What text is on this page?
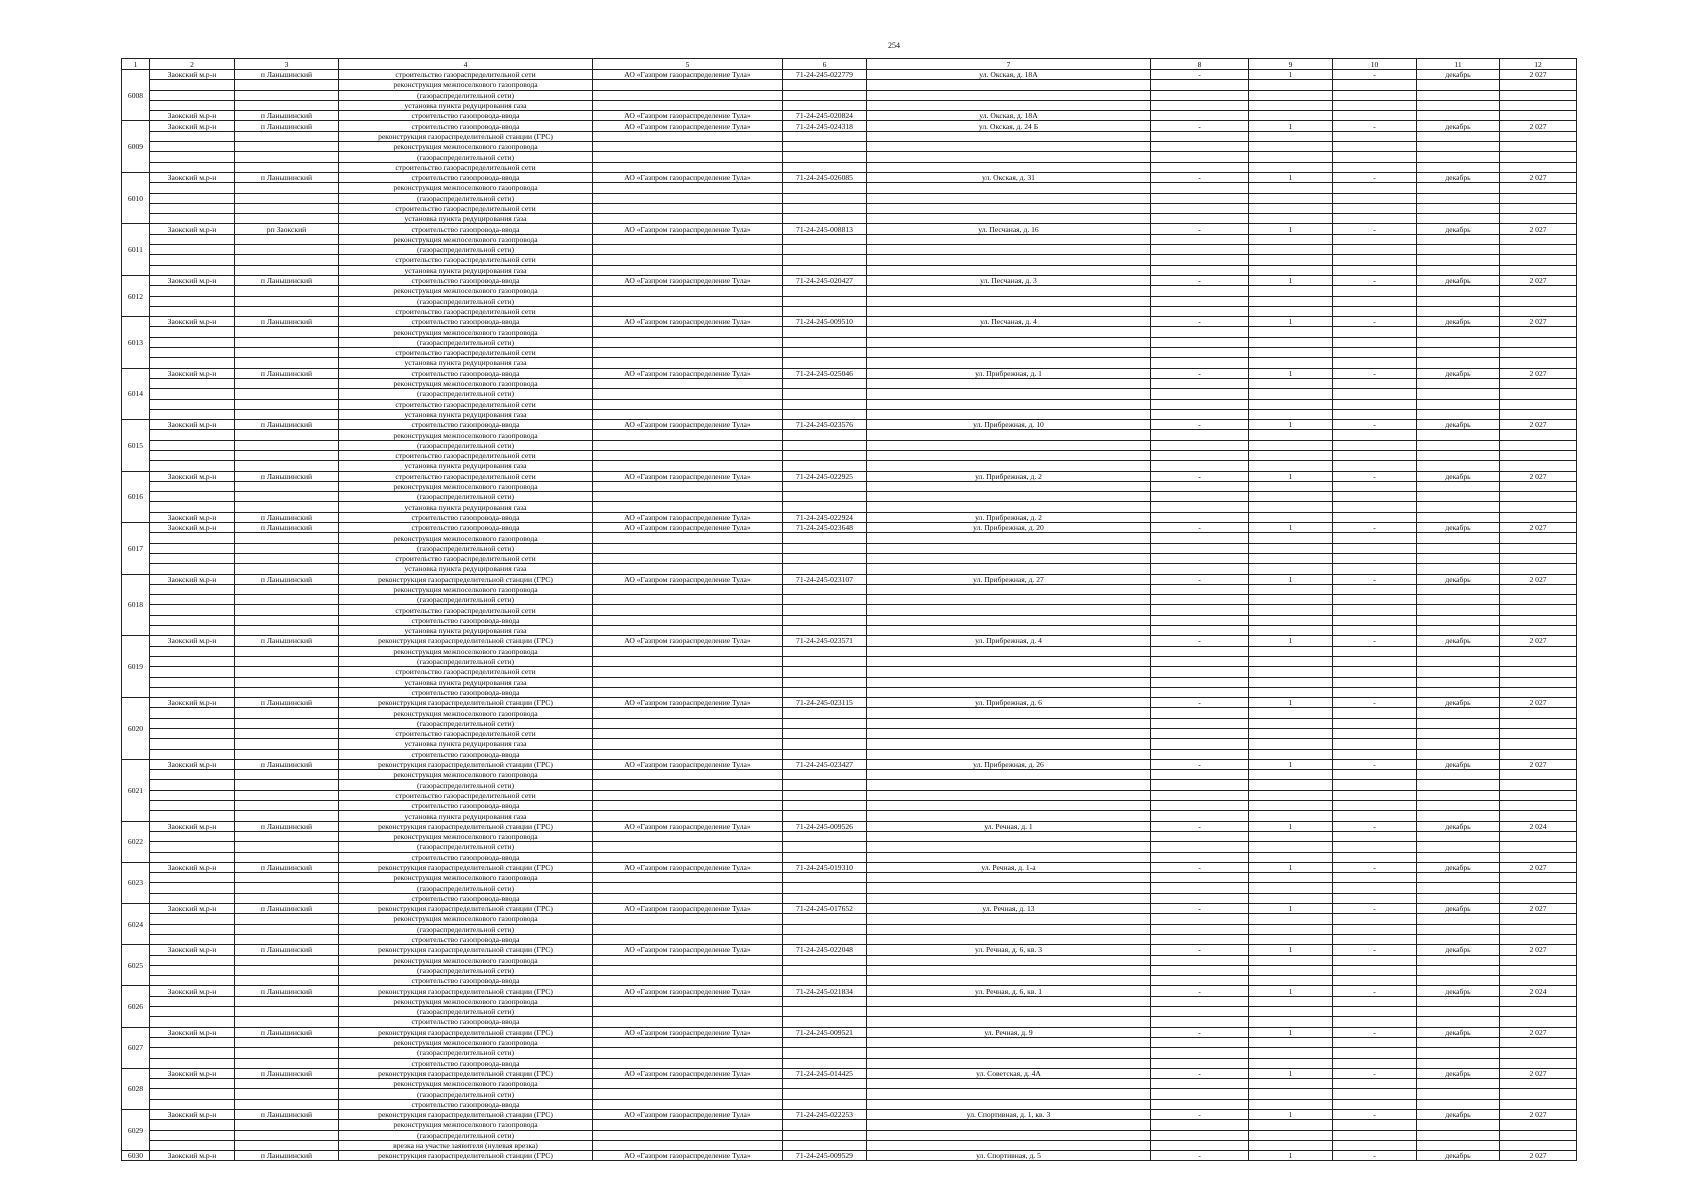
254
1	2	3	4	5	6	7	8	9	10	11	12
6008	Заокский м.р-н	п Ланьшинский	строительство газораспределительной сети	АО «Газпром газораспределение Тула»	71-24-245-022779	ул. Окская, д. 18А	-	1	-	декабрь	2 027
			реконструкция межпоселкового газопровода								
			(газораспределительной сети)								
			установка пункта редуцирования газа								
	Заокский м.р-н	п Ланьшинский	строительство газопровода-ввода	АО «Газпром газораспределение Тула»	71-24-245-020824	ул. Окская, д. 18А					
6009	Заокский м.р-н	п Ланьшинский	строительство газопровода-ввода	АО «Газпром газораспределение Тула»	71-24-245-024318	ул. Окская, д. 24 Б	-	1	-	декабрь	2 027
			реконструкция газораспределительной станции (ГРС)								
			реконструкция межпоселкового газопровода								
			(газораспределительной сети)								
			строительство газораспределительной сети								
6010	Заокский м.р-н	п Ланьшинский	строительство газопровода-ввода	АО «Газпром газораспределение Тула»	71-24-245-026085	ул. Окская, д. 31	-	1	-	декабрь	2 027
			реконструкция межпоселкового газопровода								
			(газораспределительной сети)								
			строительство газораспределительной сети								
			установка пункта редуцирования газа								
6011	Заокский м.р-н	рп Заокский	строительство газопровода-ввода	АО «Газпром газораспределение Тула»	71-24-245-008813	ул. Песчаная, д. 16	-	1	-	декабрь	2 027
			реконструкция межпоселкового газопровода								
			(газораспределительной сети)								
			строительство газораспределительной сети								
			установка пункта редуцирования газа								
6012	Заокский м.р-н	п Ланьшинский	строительство газопровода-ввода	АО «Газпром газораспределение Тула»	71-24-245-020427	ул. Песчаная, д. 3	-	1	-	декабрь	2 027
			реконструкция межпоселкового газопровода								
			(газораспределительной сети)								
			строительство газораспределительной сети								
6013	Заокский м.р-н	п Ланьшинский	строительство газопровода-ввода	АО «Газпром газораспределение Тула»	71-24-245-009510	ул. Песчаная, д. 4	-	1	-	декабрь	2 027
			реконструкция межпоселкового газопровода								
			(газораспределительной сети)								
			строительство газораспределительной сети								
			установка пункта редуцирования газа								
6014	Заокский м.р-н	п Ланьшинский	строительство газопровода-ввода	АО «Газпром газораспределение Тула»	71-24-245-025046	ул. Прибрежная, д. 1	-	1	-	декабрь	2 027
			реконструкция межпоселкового газопровода								
			(газораспределительной сети)								
			строительство газораспределительной сети								
			установка пункта редуцирования газа								
6015	Заокский м.р-н	п Ланьшинский	строительство газопровода-ввода	АО «Газпром газораспределение Тула»	71-24-245-023576	ул. Прибрежная, д. 10	-	1	-	декабрь	2 027
			реконструкция межпоселкового газопровода								
			(газораспределительной сети)								
			строительство газораспределительной сети								
			установка пункта редуцирования газа								
6016	Заокский м.р-н	п Ланьшинский	строительство газораспределительной сети	АО «Газпром газораспределение Тула»	71-24-245-022925	ул. Прибрежная, д. 2	-	1	-	декабрь	2 027
			реконструкция межпоселкового газопровода								
			(газораспределительной сети)								
			установка пункта редуцирования газа								
	Заокский м.р-н	п Ланьшинский	строительство газопровода-ввода	АО «Газпром газораспределение Тула»	71-24-245-022924	ул. Прибрежная, д. 2					
6017	Заокский м.р-н	п Ланьшинский	строительство газопровода-ввода	АО «Газпром газораспределение Тула»	71-24-245-023648	ул. Прибрежная, д. 20	-	1	-	декабрь	2 027
			реконструкция межпоселкового газопровода								
			(газораспределительной сети)								
			строительство газораспределительной сети								
			установка пункта редуцирования газа								
6018	Заокский м.р-н	п Ланьшинский	реконструкция газораспределительной станции (ГРС)	АО «Газпром газораспределение Тула»	71-24-245-023107	ул. Прибрежная, д. 27	-	1	-	декабрь	2 027
			реконструкция межпоселкового газопровода								
			(газораспределительной сети)								
			строительство газораспределительной сети								
			строительство газопровода-ввода								
			установка пункта редуцирования газа								
6019	Заокский м.р-н	п Ланьшинский	реконструкция газораспределительной станции (ГРС)	АО «Газпром газораспределение Тула»	71-24-245-023571	ул. Прибрежная, д. 4	-	1	-	декабрь	2 027
			реконструкция межпоселкового газопровода								
			(газораспределительной сети)								
			строительство газораспределительной сети								
			установка пункта редуцирования газа								
			строительство газопровода-ввода								
6020	Заокский м.р-н	п Ланьшинский	реконструкция газораспределительной станции (ГРС)	АО «Газпром газораспределение Тула»	71-24-245-023115	ул. Прибрежная, д. 6	-	1	-	декабрь	2 027
			реконструкция межпоселкового газопровода								
			(газораспределительной сети)								
			строительство газораспределительной сети								
			установка пункта редуцирования газа								
			строительство газопровода-ввода								
6021	Заокский м.р-н	п Ланьшинский	реконструкция газораспределительной станции (ГРС)	АО «Газпром газораспределение Тула»	71-24-245-023427	ул. Прибрежная, д. 26	-	1	-	декабрь	2 027
			реконструкция межпоселкового газопровода								
			(газораспределительной сети)								
			строительство газораспределительной сети								
			строительство газопровода-ввода								
			установка пункта редуцирования газа								
6022	Заокский м.р-н	п Ланьшинский	реконструкция газораспределительной станции (ГРС)	АО «Газпром газораспределение Тула»	71-24-245-009526	ул. Речная, д. 1	-	1	-	декабрь	2 024
			реконструкция межпоселкового газопровода								
			(газораспределительной сети)								
			строительство газопровода-ввода								
6023	Заокский м.р-н	п Ланьшинский	реконструкция газораспределительной станции (ГРС)	АО «Газпром газораспределение Тула»	71-24-245-019310	ул. Речная, д. 1-а	-	1	-	декабрь	2 027
			реконструкция межпоселкового газопровода								
			(газораспределительной сети)								
			строительство газопровода-ввода								
6024	Заокский м.р-н	п Ланьшинский	реконструкция газораспределительной станции (ГРС)	АО «Газпром газораспределение Тула»	71-24-245-017652	ул. Речная, д. 13	-	1	-	декабрь	2 027
			реконструкция межпоселкового газопровода								
			(газораспределительной сети)								
			строительство газопровода-ввода								
6025	Заокский м.р-н	п Ланьшинский	реконструкция газораспределительной станции (ГРС)	АО «Газпром газораспределение Тула»	71-24-245-022048	ул. Речная, д. 6, кв. 3	-	1	-	декабрь	2 027
			реконструкция межпоселкового газопровода								
			(газораспределительной сети)								
			строительство газопровода-ввода								
6026	Заокский м.р-н	п Ланьшинский	реконструкция газораспределительной станции (ГРС)	АО «Газпром газораспределение Тула»	71-24-245-021834	ул. Речная, д. 6, кв. 1	-	1	-	декабрь	2 024
			реконструкция межпоселкового газопровода								
			(газораспределительной сети)								
			строительство газопровода-ввода								
6027	Заокский м.р-н	п Ланьшинский	реконструкция газораспределительной станции (ГРС)	АО «Газпром газораспределение Тула»	71-24-245-009521	ул. Речная, д. 9	-	1	-	декабрь	2 027
			реконструкция межпоселкового газопровода								
			(газораспределительной сети)								
			строительство газопровода-ввода								
6028	Заокский м.р-н	п Ланьшинский	реконструкция газораспределительной станции (ГРС)	АО «Газпром газораспределение Тула»	71-24-245-014425	ул. Советская, д. 4А	-	1	-	декабрь	2 027
			реконструкция межпоселкового газопровода								
			(газораспределительной сети)								
			строительство газопровода-ввода								
6029	Заокский м.р-н	п Ланьшинский	реконструкция газораспределительной станции (ГРС)	АО «Газпром газораспределение Тула»	71-24-245-022253	ул. Спортивная, д. 1, кв. 3	-	1	-	декабрь	2 027
			реконструкция межпоселкового газопровода								
			(газораспределительной сети)								
			врезка на участке заявителя (нулевая врезка)								
6030	Заокский м.р-н	п Ланьшинский	реконструкция газораспределительной станции (ГРС)	АО «Газпром газораспределение Тула»	71-24-245-009529	ул. Спортивная, д. 5	-	1	-	декабрь	2 027
